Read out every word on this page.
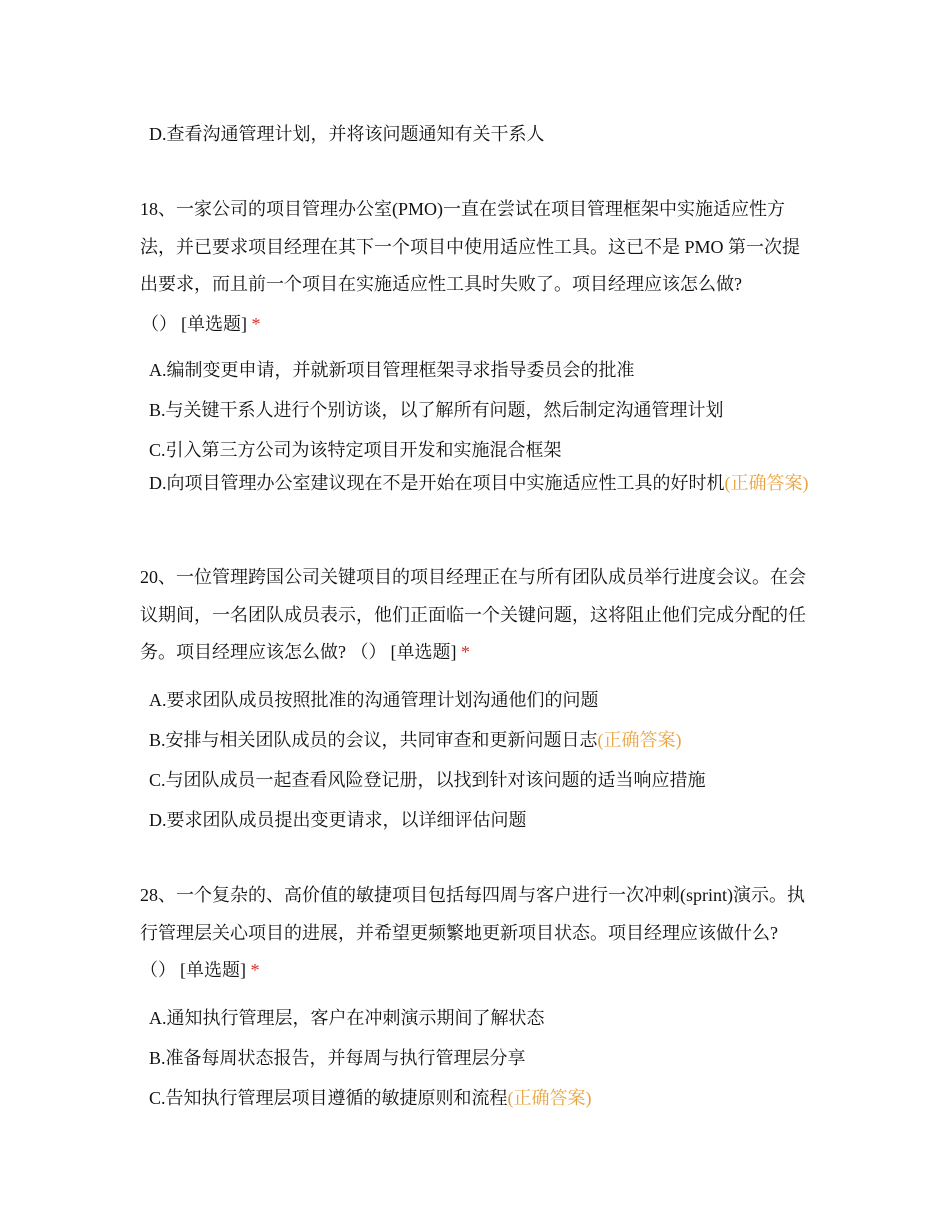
D.查看沟通管理计划，并将该问题通知有关干系人

18、一家公司的项目管理办公室(PMO)一直在尝试在项目管理框架中实施适应性方法，并已要求项目经理在其下一个项目中使用适应性工具。这已不是 PMO 第一次提出要求，而且前一个项目在实施适应性工具时失败了。项目经理应该怎么做?

（） [单选题] *

A.编制变更申请，并就新项目管理框架寻求指导委员会的批准

B.与关键干系人进行个别访谈，以了解所有问题，然后制定沟通管理计划

C.引入第三方公司为该特定项目开发和实施混合框架

D.向项目管理办公室建议现在不是开始在项目中实施适应性工具的好时机(正确答案)

20、一位管理跨国公司关键项目的项目经理正在与所有团队成员举行进度会议。在会议期间，一名团队成员表示，他们正面临一个关键问题，这将阻止他们完成分配的任务。项目经理应该怎么做? （） [单选题] *

A.要求团队成员按照批准的沟通管理计划沟通他们的问题

B.安排与相关团队成员的会议，共同审查和更新问题日志(正确答案)

C.与团队成员一起查看风险登记册，以找到针对该问题的适当响应措施

D.要求团队成员提出变更请求，以详细评估问题

28、一个复杂的、高价值的敏捷项目包括每四周与客户进行一次冲刺(sprint)演示。执行管理层关心项目的进展，并希望更频繁地更新项目状态。项目经理应该做什么? （） [单选题] *

A.通知执行管理层，客户在冲刺演示期间了解状态

B.准备每周状态报告，并每周与执行管理层分享

C.告知执行管理层项目遵循的敏捷原则和流程(正确答案)
